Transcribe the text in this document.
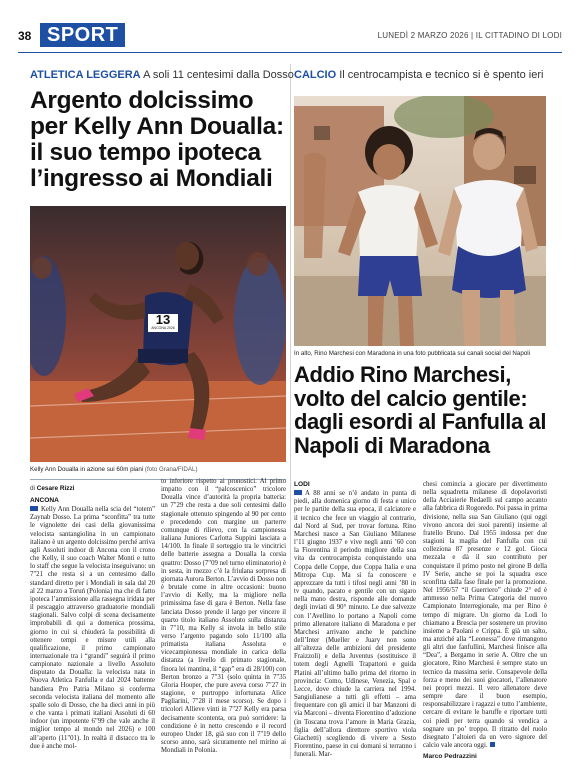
38 SPORT	LUNEDÌ 2 MARZO 2026 | IL CITTADINO DI LODI
ATLETICA LEGGERA A soli 11 centesimi dalla Dosso
Argento dolcissimo per Kelly Ann Doualla: il suo tempo ipoteca l’ingresso ai Mondiali
13
ANCONA 2026
Kelly Ann Doualla in azione sui 60m piani (foto Grana/FIDAL)
di Cesare Rizzi
ANCONA
Kelly Ann Doualla nella scia del “totem” Zaynab Dosso. La prima “sconfitta” tra tutte le vignolette dei casi della giovanissima velocista santangiolina in un campionato italiano è un argento dolcissimo perché arriva agli Assoluti indoor di Ancona con il crono che Kelly, il suo coach Walter Monti e tutto lo staff che segue la velocista inseguivano: un 7"21 che resta sì a un centesimo dallo standard diretto per i Mondiali in sala dal 20 al 22 marzo a Toruń (Polonia) ma che di fatto ipoteca l’ammissione alla rassegna iridata per il pescaggio attraverso graduatorie mondiali stagionali. Salvo colpi di scena decisamente improbabili di qui a domenica prossima, giorno in cui si chiuderà la possibilità di ottenere tempi e misure utili alla qualificazione, il primo campionato internazionale tra i “grandi” seguirà il primo campionato nazionale a livello Assoluto disputato da Doualla: la velocista nata in Nuova Atletica Fanfulla e dal 2024 battente bandiera Pro Patria Milano si conferma seconda velocista italiana del momento alle spalle solo di Dosso, che ha dieci anni in più e che vanta i primati italiani Assoluti di 60 indoor (un impotente 6"99 che vale anche il miglior tempo al mondo nel 2026) e 100 all’aperto (11"01). In realtà il distacco tra le due è anche mol-
to inferiore rispetto ai pronostici. Al primo impatto con il “palcoscenico” tricolore Doualla vince d’autorità la propria batteria: un 7"29 che resta a due soli centesimi dallo stagionale ottenuto spingendo al 90 per cento e precedendo con margine un parterre comunque di rilievo, con la campionessa italiana Juniores Carlotta Suppini lasciata a 14/100. In finale il sorteggio tra le vincitrici delle batterie assegna a Doualla la corsia quattro: Dosso (7"09 nel turno eliminatorio) è in sesta, in mezzo c’è la friulana sorpresa di giornata Aurora Berton. L’avvio di Dosso non è brutale come in altre occasioni: buono l’avvio di Kelly, ma la migliore nella primissima fase di gara è Berton. Nella fase lanciata Dosso prende il largo per vincere il quarto titolo italiano Assoluto sulla distanza in 7"10, ma Kelly si invola in bello stile verso l’argento pagando solo 11/100 alla primatista italiana Assoluta e vicecampionessa mondiale in carica della distanza (a livello di primato stagionale, finora lei mantina, il “gap” era di 28/100) con Berton bronzo a 7"31 (solo quinta in 7"35 Gloria Hooper, che pure aveva corso 7"27 in stagione, e purtroppo infortunata Alice Pagliarini, 7"28 il mese scorso). Se dopo i tricolori Allieve vinti in 7"27 Kelly era parsa decisamente scontenta, ora può sorridere: la condizione è in netto crescendo e il record europeo Under 18, già suo con il 7"19 dello scorso anno, sarà sicuramente nel mirino ai Mondiali in Polonia.
CALCIO Il centrocampista e tecnico si è spento ieri
In alto, Rino Marchesi con Maradona in una foto pubblicata sui canali social del Napoli
Addio Rino Marchesi, volto del calcio gentile: dagli esordi al Fanfulla al Napoli di Maradona
LODI
A 88 anni se n’è andato in punta di piedi, alla domenica giorno di festa e unico per le partite della sua epoca, il calciatore e il tecnico che fece un viaggio al contrario, dal Nord al Sud, per trovar fortuna. Rino Marchesi nasce a San Giuliano Milanese l’11 giugno 1937 e vive negli anni ’60 con la Fiorentina il periodo migliore della sua vita da centrocampista conquistando una Coppa delle Coppe, due Coppa Italia e una Mitropa Cup. Ma sì fa conoscere e apprezzare da tutti i tifosi negli anni ’80 in tv quando, pacato e gentile con un sigaro nella mano destra, risponde alle domande degli inviati di 90° minuto. Le due salvezze con l’Avellino lo portano a Napoli come primo allenatore italiano di Maradona e per Marchesi arrivano anche le panchine dell’Inter (Mueller e Juary non sono all’altezza delle ambizioni del presidente Fraizzoli) e della Juventus (sostituisce il totem degli Agnelli Trapattoni e guida Platini all’ultimo ballo prima del ritorno in provincia: Como, Udinese, Venezia, Spal e Lecce, dove chiude la carriera nel 1994. Sangiulianese a tutti gli effetti – ama frequentare con gli amici il bar Manzoni di via Marconi – diventa Fiorentino d’adozione (in Toscana trova l’amore in Maria Grazia, figlia dell’allora direttore sportivo viola Giachetti) scegliendo di vivere a Sesto Fiorentino, paese in cui domani si terranno i funerali. Mar-
chesi comincia a giocare per divertimento nella squadretta milanese di dopolavoristi della Acciaierie Redaelli sul campo accanto alla fabbrica di Rogoredo. Poi passa in prima divisione, nella sua San Giuliano (qui oggi vivono ancora dei suoi parenti) insieme al fratello Bruno. Dal 1955 indossa per due stagioni la maglia del Fanfulla con cui colleziona 87 presenze e 12 gol. Gioca mezzala e dà il suo contributo per conquistare il primo posto nel girone B della IV Serie, anche se poi la squadra esce sconfitta dalla fase finale per la promozione. Nel 1956/57 “il Guerriero” chiude 2° ed è ammesso nella Prima Categoria del nuovo Campionato Interregionale, ma per Rino è tempo di migrare. Un giorno da Lodi lo chiamano a Brescia per sostenere un provino insieme a Paolani e Crippa. È già un salto, ma anziché alla “Leonessa” dove rimangono gli altri due fanfullini, Marchesi finisce alla “Dea”, a Bergamo in serie A. Oltre che un giocatore, Rino Marchesi è sempre stato un tecnico da massima serie. Consapevole della forza e meno dei suoi giocatori, l’allenatore nei propri mezzi. Il vero allenatore deve sempre dare il buon esempio, responsabilizzare i ragazzi e tutto l’ambiente, cercare di evitare le baruffe e riportare tutti coi piedi per terra quando si vendica a sognare un po’ troppo. Il ritratto del ruolo disegnato l’altoieri da un vero signore del calcio vale ancora oggi.
Marco Pedrazzini
